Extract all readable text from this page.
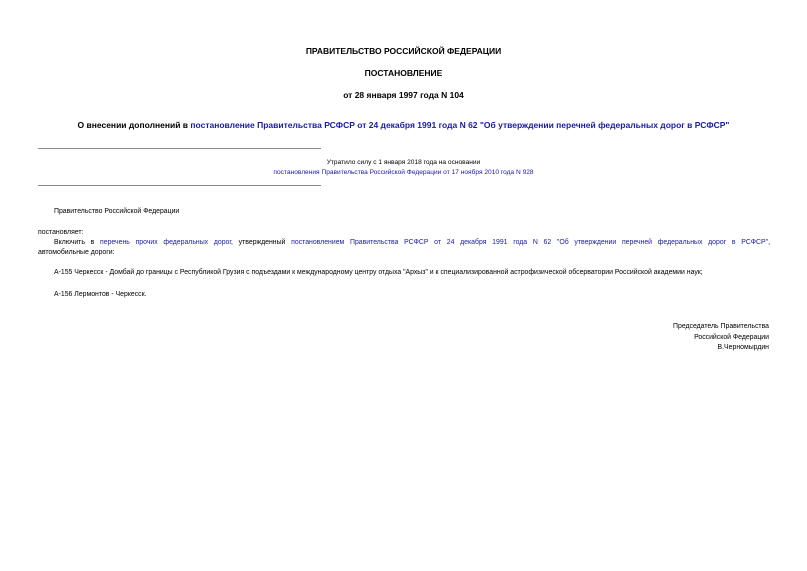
ПРАВИТЕЛЬСТВО РОССИЙСКОЙ ФЕДЕРАЦИИ
ПОСТАНОВЛЕНИЕ
от 28 января 1997 года N 104
О внесении дополнений в постановление Правительства РСФСР от 24 декабря 1991 года N 62 "Об утверждении перечней федеральных дорог в РСФСР"
Утратило силу с 1 января 2018 года на основании
постановления Правительства Российской Федерации от 17 ноября 2010 года N 928
Правительство Российской Федерации
постановляет:
Включить в перечень прочих федеральных дорог, утвержденный постановлением Правительства РСФСР от 24 декабря 1991 года N 62 "Об утверждении перечней федеральных дорог в РСФСР",
автомобильные дороги:
А-155 Черкесск - Домбай до границы с Республикой Грузия с подъездами к международному центру отдыха "Архыз" и к специализированной астрофизической обсерватории Российской академии наук;
А-156 Лермонтов - Черкесск.
Председатель Правительства
Российской Федерации
В.Черномырдин
